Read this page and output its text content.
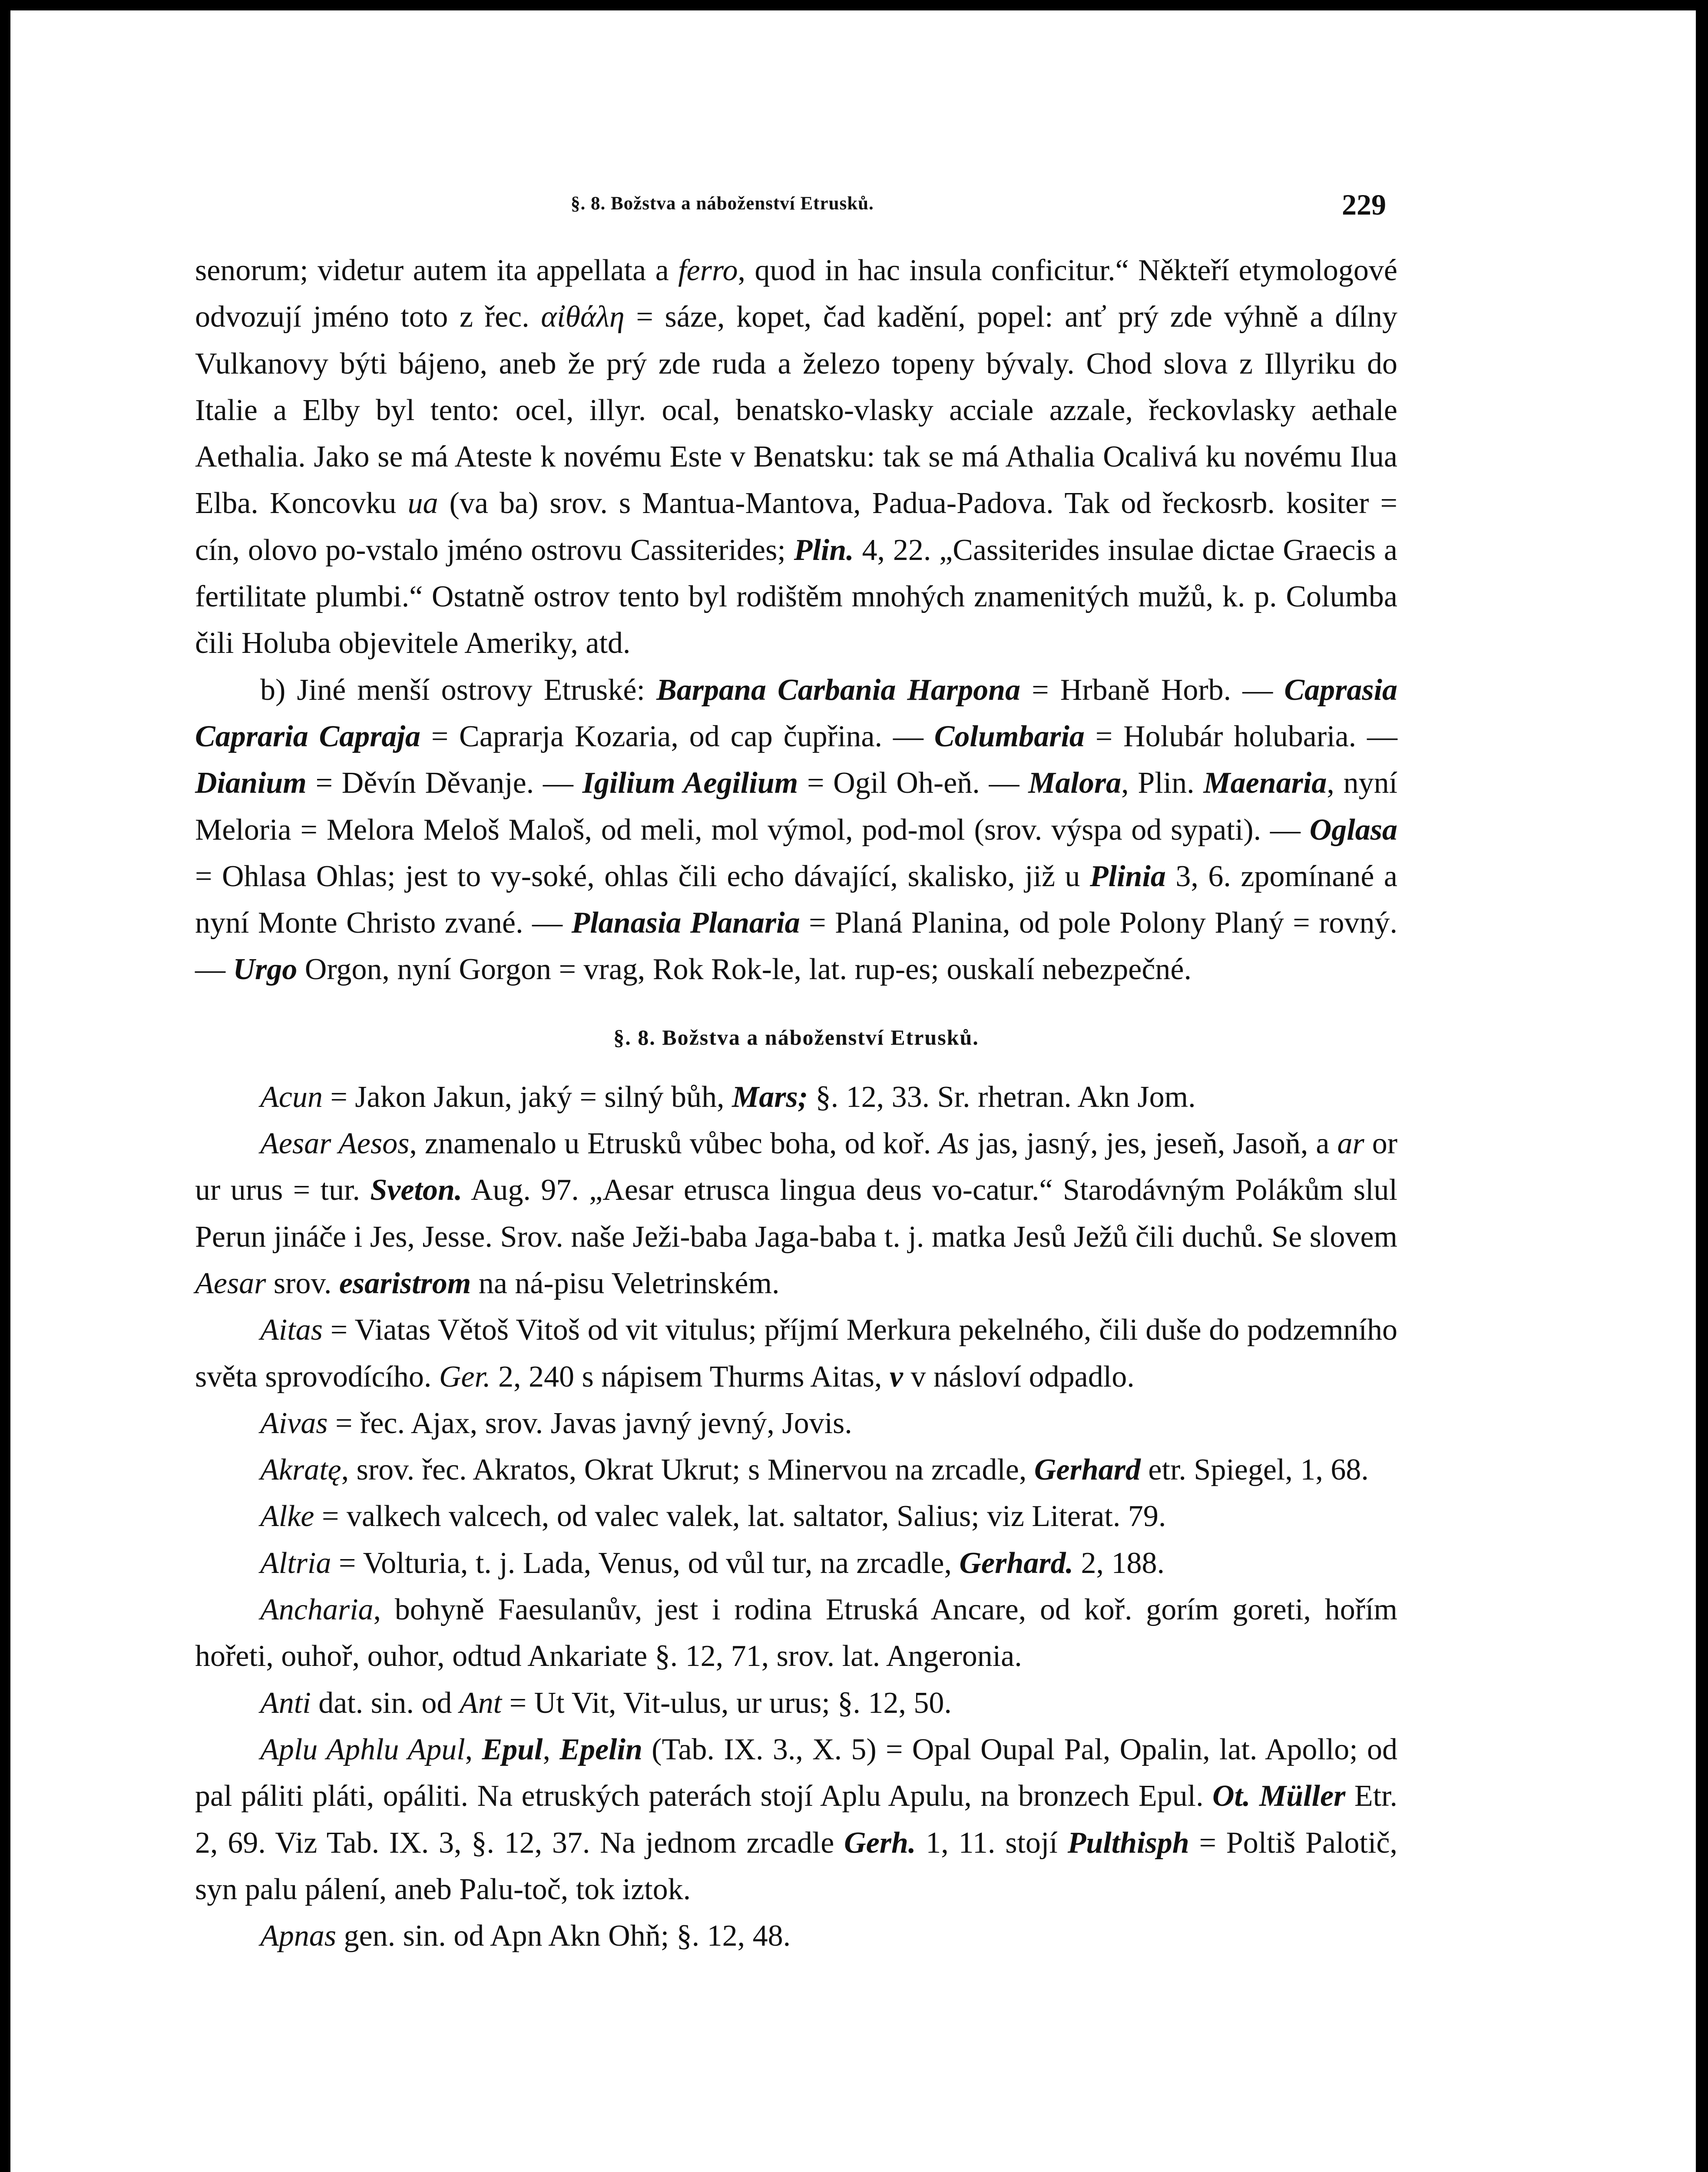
§. 8. Božstva a náboženství Etrusků.	229

senorum; videtur autem ita appellata a ferro, quod in hac insula conficitur.“ Někteří etymologové odvozují jméno toto z řec. αἰθάλη = sáze, kopet, čad kadění, popel: anť prý zde výhně a dílny Vulkanovy býti bájeno, aneb že prý zde ruda a železo topeny bývaly. Chod slova z Illyriku do Italie a Elby byl tento: ocel, illyr. ocal, benatsko-vlasky acciale azzale, řeckovlasky aethale Aethalia. Jako se má Ateste k novému Este v Benatsku: tak se má Athalia Ocalivá ku novému Ilua Elba. Koncovku ua (va ba) srov. s Mantua-Mantova, Padua-Padova. Tak od řeckosrb. kositer = cín, olovo po-vstalo jméno ostrovu Cassiterides; Plin. 4, 22. „Cassiterides insulae dictae Graecis a fertilitate plumbi.“ Ostatně ostrov tento byl rodištěm mnohých znamenitých mužů, k. p. Columba čili Holuba objevitele Ameriky, atd.

b) Jiné menší ostrovy Etruské: Barpana Carbania Harpona = Hrbaně Horb. — Caprasia Capraria Capraja = Caprarja Kozaria, od cap čupřina. — Columbaria = Holubár holubaria. — Dianium = Děvín Děvanje. — Igilium Aegilium = Ogil Oh-eň. — Malora, Plin. Maenaria, nyní Meloria = Melora Meloš Maloš, od meli, mol výmol, pod-mol (srov. výspa od sypati). — Oglasa = Ohlasa Ohlas; jest to vy-soké, ohlas čili echo dávající, skalisko, již u Plinia 3, 6. zpomínané a nyní Monte Christo zvané. — Planasia Planaria = Planá Planina, od pole Polony Planý = rovný. — Urgo Orgon, nyní Gorgon = vrag, Rok Rok-le, lat. rup-es; ouskalí nebezpečné.

§. 8. Božstva a náboženství Etrusků.

Acun = Jakon Jakun, jaký = silný bůh, Mars; §. 12, 33. Sr. rhetran. Akn Jom.

Aesar Aesos, znamenalo u Etrusků vůbec boha, od koř. As jas, jasný, jes, jeseň, Jasoň, a ar or ur urus = tur. Sveton. Aug. 97. „Aesar etrusca lingua deus vo-catur.“ Starodávným Polákům slul Perun jináče i Jes, Jesse. Srov. naše Ježi-baba Jaga-baba t. j. matka Jesů Ježů čili duchů. Se slovem Aesar srov. esaristrom na ná-pisu Veletrinském.

Aitas = Viatas Větoš Vitoš od vit vitulus; příjmí Merkura pekelného, čili duše do podzemního světa sprovodícího. Ger. 2, 240 s nápisem Thurms Aitas, v v násloví odpadlo.

Aivas = řec. Ajax, srov. Javas javný jevný, Jovis.

Akratę, srov. řec. Akratos, Okrat Ukrut; s Minervou na zrcadle, Gerhard etr. Spiegel, 1, 68.

Alke = valkech valcech, od valec valek, lat. saltator, Salius; viz Literat. 79.

Altria = Volturia, t. j. Lada, Venus, od vůl tur, na zrcadle, Gerhard. 2, 188.

Ancharia, bohyně Faesulanův, jest i rodina Etruská Ancare, od koř. gorím goreti, hořím hořeti, ouhoř, ouhor, odtud Ankariate §. 12, 71, srov. lat. Angeronia.

Anti dat. sin. od Ant = Ut Vit, Vit-ulus, ur urus; §. 12, 50.

Aplu Aphlu Apul, Epul, Epelin (Tab. IX. 3., X. 5) = Opal Oupal Pal, Opalin, lat. Apollo; od pal páliti pláti, opáliti. Na etruských paterách stojí Aplu Apulu, na bronzech Epul. Ot. Müller Etr. 2, 69. Viz Tab. IX. 3, §. 12, 37. Na jednom zrcadle Gerh. 1, 11. stojí Pulthisph = Poltiš Palotič, syn palu pálení, aneb Palu-toč, tok iztok.

Apnas gen. sin. od Apn Akn Ohň; §. 12, 48.
